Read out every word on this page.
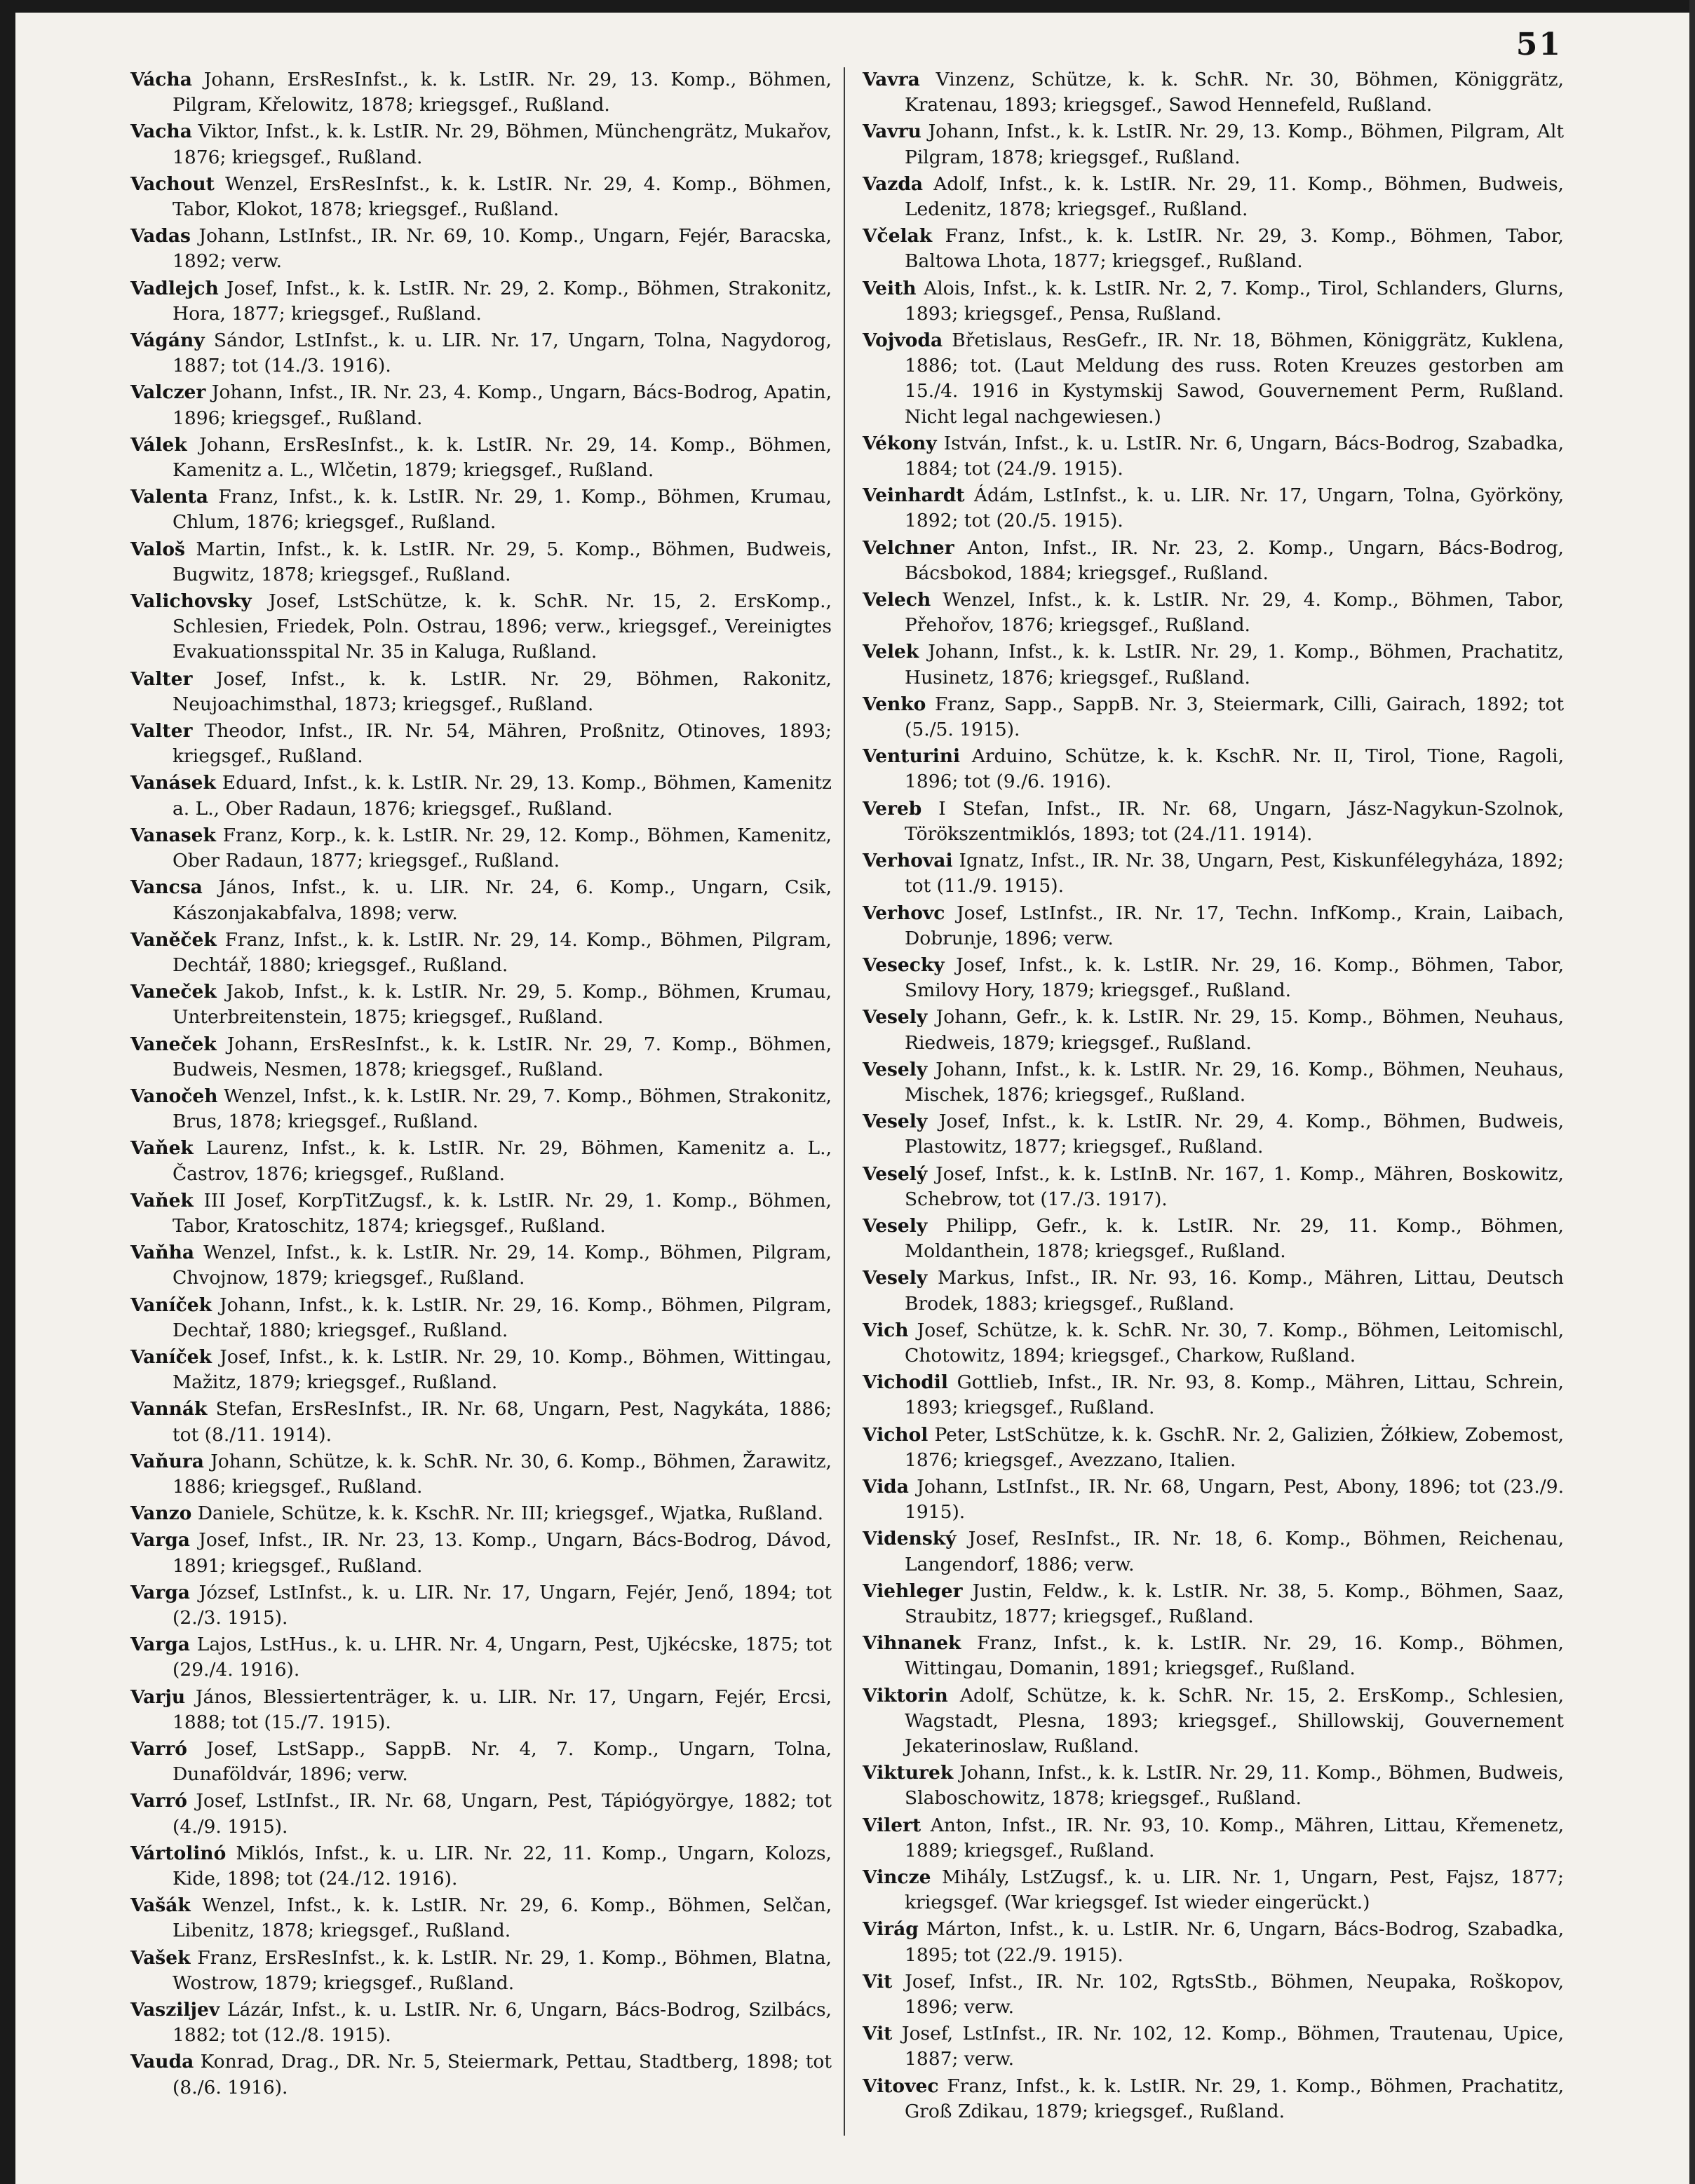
51

Vácha Johann, ErsResInfst., k. k. LstIR. Nr. 29, 13. Komp., Böhmen, Pilgram, Křelowitz, 1878; kriegsgef., Rußland.

Vacha Viktor, Infst., k. k. LstIR. Nr. 29, Böhmen, Münchengrätz, Mukařov, 1876; kriegsgef., Rußland.

Vachout Wenzel, ErsResInfst., k. k. LstIR. Nr. 29, 4. Komp., Böhmen, Tabor, Klokot, 1878; kriegsgef., Rußland.

Vadas Johann, LstInfst., IR. Nr. 69, 10. Komp., Ungarn, Fejér, Baracska, 1892; verw.

Vadlejch Josef, Infst., k. k. LstIR. Nr. 29, 2. Komp., Böhmen, Strakonitz, Hora, 1877; kriegsgef., Rußland.

Vágány Sándor, LstInfst., k. u. LIR. Nr. 17, Ungarn, Tolna, Nagydorog, 1887; tot (14./3. 1916).

Valczer Johann, Infst., IR. Nr. 23, 4. Komp., Ungarn, Bács-Bodrog, Apatin, 1896; kriegsgef., Rußland.

Válek Johann, ErsResInfst., k. k. LstIR. Nr. 29, 14. Komp., Böhmen, Kamenitz a. L., Wlčetin, 1879; kriegsgef., Rußland.

Valenta Franz, Infst., k. k. LstIR. Nr. 29, 1. Komp., Böhmen, Krumau, Chlum, 1876; kriegsgef., Rußland.

Valoš Martin, Infst., k. k. LstIR. Nr. 29, 5. Komp., Böhmen, Budweis, Bugwitz, 1878; kriegsgef., Rußland.

Valichovsky Josef, LstSchütze, k. k. SchR. Nr. 15, 2. ErsKomp., Schlesien, Friedek, Poln. Ostrau, 1896; verw., kriegsgef., Vereinigtes Evakuationsspital Nr. 35 in Kaluga, Rußland.

Valter Josef, Infst., k. k. LstIR. Nr. 29, Böhmen, Rakonitz, Neujoachimsthal, 1873; kriegsgef., Rußland.

Valter Theodor, Infst., IR. Nr. 54, Mähren, Proßnitz, Otinoves, 1893; kriegsgef., Rußland.

Vanásek Eduard, Infst., k. k. LstIR. Nr. 29, 13. Komp., Böhmen, Kamenitz a. L., Ober Radaun, 1876; kriegsgef., Rußland.

Vanasek Franz, Korp., k. k. LstIR. Nr. 29, 12. Komp., Böhmen, Kamenitz, Ober Radaun, 1877; kriegsgef., Rußland.

Vancsa János, Infst., k. u. LIR. Nr. 24, 6. Komp., Ungarn, Csik, Kászonjakabfalva, 1898; verw.

Vaněček Franz, Infst., k. k. LstIR. Nr. 29, 14. Komp., Böhmen, Pilgram, Dechtář, 1880; kriegsgef., Rußland.

Vaneček Jakob, Infst., k. k. LstIR. Nr. 29, 5. Komp., Böhmen, Krumau, Unterbreitenstein, 1875; kriegsgef., Rußland.

Vaneček Johann, ErsResInfst., k. k. LstIR. Nr. 29, 7. Komp., Böhmen, Budweis, Nesmen, 1878; kriegsgef., Rußland.

Vanočeh Wenzel, Infst., k. k. LstIR. Nr. 29, 7. Komp., Böhmen, Strakonitz, Brus, 1878; kriegsgef., Rußland.

Vaňek Laurenz, Infst., k. k. LstIR. Nr. 29, Böhmen, Kamenitz a. L., Častrov, 1876; kriegsgef., Rußland.

Vaňek III Josef, KorpTitZugsf., k. k. LstIR. Nr. 29, 1. Komp., Böhmen, Tabor, Kratoschitz, 1874; kriegsgef., Rußland.

Vaňha Wenzel, Infst., k. k. LstIR. Nr. 29, 14. Komp., Böhmen, Pilgram, Chvojnow, 1879; kriegsgef., Rußland.

Vaníček Johann, Infst., k. k. LstIR. Nr. 29, 16. Komp., Böhmen, Pilgram, Dechtař, 1880; kriegsgef., Rußland.

Vaníček Josef, Infst., k. k. LstIR. Nr. 29, 10. Komp., Böhmen, Wittingau, Mažitz, 1879; kriegsgef., Rußland.

Vannák Stefan, ErsResInfst., IR. Nr. 68, Ungarn, Pest, Nagykáta, 1886; tot (8./11. 1914).

Vaňura Johann, Schütze, k. k. SchR. Nr. 30, 6. Komp., Böhmen, Žarawitz, 1886; kriegsgef., Rußland.

Vanzo Daniele, Schütze, k. k. KschR. Nr. III; kriegsgef., Wjatka, Rußland.

Varga Josef, Infst., IR. Nr. 23, 13. Komp., Ungarn, Bács-Bodrog, Dávod, 1891; kriegsgef., Rußland.

Varga József, LstInfst., k. u. LIR. Nr. 17, Ungarn, Fejér, Jenő, 1894; tot (2./3. 1915).

Varga Lajos, LstHus., k. u. LHR. Nr. 4, Ungarn, Pest, Ujkécske, 1875; tot (29./4. 1916).

Varju János, Blessiertenträger, k. u. LIR. Nr. 17, Ungarn, Fejér, Ercsi, 1888; tot (15./7. 1915).

Varró Josef, LstSapp., SappB. Nr. 4, 7. Komp., Ungarn, Tolna, Dunaföldvár, 1896; verw.

Varró Josef, LstInfst., IR. Nr. 68, Ungarn, Pest, Tápiógyörgye, 1882; tot (4./9. 1915).

Vártolinó Miklós, Infst., k. u. LIR. Nr. 22, 11. Komp., Ungarn, Kolozs, Kide, 1898; tot (24./12. 1916).

Vašák Wenzel, Infst., k. k. LstIR. Nr. 29, 6. Komp., Böhmen, Selčan, Libenitz, 1878; kriegsgef., Rußland.

Vašek Franz, ErsResInfst., k. k. LstIR. Nr. 29, 1. Komp., Böhmen, Blatna, Wostrow, 1879; kriegsgef., Rußland.

Vasziljev Lázár, Infst., k. u. LstIR. Nr. 6, Ungarn, Bács-Bodrog, Szilbács, 1882; tot (12./8. 1915).

Vauda Konrad, Drag., DR. Nr. 5, Steiermark, Pettau, Stadtberg, 1898; tot (8./6. 1916).

Vavra Vinzenz, Schütze, k. k. SchR. Nr. 30, Böhmen, Königgrätz, Kratenau, 1893; kriegsgef., Sawod Hennefeld, Rußland.

Vavru Johann, Infst., k. k. LstIR. Nr. 29, 13. Komp., Böhmen, Pilgram, Alt Pilgram, 1878; kriegsgef., Rußland.

Vazda Adolf, Infst., k. k. LstIR. Nr. 29, 11. Komp., Böhmen, Budweis, Ledenitz, 1878; kriegsgef., Rußland.

Včelak Franz, Infst., k. k. LstIR. Nr. 29, 3. Komp., Böhmen, Tabor, Baltowa Lhota, 1877; kriegsgef., Rußland.

Veith Alois, Infst., k. k. LstIR. Nr. 2, 7. Komp., Tirol, Schlanders, Glurns, 1893; kriegsgef., Pensa, Rußland.

Vojvoda Břetislaus, ResGefr., IR. Nr. 18, Böhmen, Königgrätz, Kuklena, 1886; tot. (Laut Meldung des russ. Roten Kreuzes gestorben am 15./4. 1916 in Kystymskij Sawod, Gouvernement Perm, Rußland. Nicht legal nachgewiesen.)

Vékony István, Infst., k. u. LstIR. Nr. 6, Ungarn, Bács-Bodrog, Szabadka, 1884; tot (24./9. 1915).

Veinhardt Ádám, LstInfst., k. u. LIR. Nr. 17, Ungarn, Tolna, Györköny, 1892; tot (20./5. 1915).

Velchner Anton, Infst., IR. Nr. 23, 2. Komp., Ungarn, Bács-Bodrog, Bácsbokod, 1884; kriegsgef., Rußland.

Velech Wenzel, Infst., k. k. LstIR. Nr. 29, 4. Komp., Böhmen, Tabor, Přehořov, 1876; kriegsgef., Rußland.

Velek Johann, Infst., k. k. LstIR. Nr. 29, 1. Komp., Böhmen, Prachatitz, Husinetz, 1876; kriegsgef., Rußland.

Venko Franz, Sapp., SappB. Nr. 3, Steiermark, Cilli, Gairach, 1892; tot (5./5. 1915).

Venturini Arduino, Schütze, k. k. KschR. Nr. II, Tirol, Tione, Ragoli, 1896; tot (9./6. 1916).

Vereb I Stefan, Infst., IR. Nr. 68, Ungarn, Jász-Nagykun-Szolnok, Törökszentmiklós, 1893; tot (24./11. 1914).

Verhovai Ignatz, Infst., IR. Nr. 38, Ungarn, Pest, Kiskunfélegyháza, 1892; tot (11./9. 1915).

Verhovc Josef, LstInfst., IR. Nr. 17, Techn. InfKomp., Krain, Laibach, Dobrunje, 1896; verw.

Vesecky Josef, Infst., k. k. LstIR. Nr. 29, 16. Komp., Böhmen, Tabor, Smilovy Hory, 1879; kriegsgef., Rußland.

Vesely Johann, Gefr., k. k. LstIR. Nr. 29, 15. Komp., Böhmen, Neuhaus, Riedweis, 1879; kriegsgef., Rußland.

Vesely Johann, Infst., k. k. LstIR. Nr. 29, 16. Komp., Böhmen, Neuhaus, Mischek, 1876; kriegsgef., Rußland.

Vesely Josef, Infst., k. k. LstIR. Nr. 29, 4. Komp., Böhmen, Budweis, Plastowitz, 1877; kriegsgef., Rußland.

Veselý Josef, Infst., k. k. LstInB. Nr. 167, 1. Komp., Mähren, Boskowitz, Schebrow, tot (17./3. 1917).

Vesely Philipp, Gefr., k. k. LstIR. Nr. 29, 11. Komp., Böhmen, Moldanthein, 1878; kriegsgef., Rußland.

Vesely Markus, Infst., IR. Nr. 93, 16. Komp., Mähren, Littau, Deutsch Brodek, 1883; kriegsgef., Rußland.

Vich Josef, Schütze, k. k. SchR. Nr. 30, 7. Komp., Böhmen, Leitomischl, Chotowitz, 1894; kriegsgef., Charkow, Rußland.

Vichodil Gottlieb, Infst., IR. Nr. 93, 8. Komp., Mähren, Littau, Schrein, 1893; kriegsgef., Rußland.

Vichol Peter, LstSchütze, k. k. GschR. Nr. 2, Galizien, Żółkiew, Zobemost, 1876; kriegsgef., Avezzano, Italien.

Vida Johann, LstInfst., IR. Nr. 68, Ungarn, Pest, Abony, 1896; tot (23./9. 1915).

Videnský Josef, ResInfst., IR. Nr. 18, 6. Komp., Böhmen, Reichenau, Langendorf, 1886; verw.

Viehleger Justin, Feldw., k. k. LstIR. Nr. 38, 5. Komp., Böhmen, Saaz, Straubitz, 1877; kriegsgef., Rußland.

Vihnanek Franz, Infst., k. k. LstIR. Nr. 29, 16. Komp., Böhmen, Wittingau, Domanin, 1891; kriegsgef., Rußland.

Viktorin Adolf, Schütze, k. k. SchR. Nr. 15, 2. ErsKomp., Schlesien, Wagstadt, Plesna, 1893; kriegsgef., Shillowskij, Gouvernement Jekaterinoslaw, Rußland.

Vikturek Johann, Infst., k. k. LstIR. Nr. 29, 11. Komp., Böhmen, Budweis, Slaboschowitz, 1878; kriegsgef., Rußland.

Vilert Anton, Infst., IR. Nr. 93, 10. Komp., Mähren, Littau, Křemenetz, 1889; kriegsgef., Rußland.

Vincze Mihály, LstZugsf., k. u. LIR. Nr. 1, Ungarn, Pest, Fajsz, 1877; kriegsgef. (War kriegsgef. Ist wieder eingerückt.)

Virág Márton, Infst., k. u. LstIR. Nr. 6, Ungarn, Bács-Bodrog, Szabadka, 1895; tot (22./9. 1915).

Vit Josef, Infst., IR. Nr. 102, RgtsStb., Böhmen, Neupaka, Roškopov, 1896; verw.

Vit Josef, LstInfst., IR. Nr. 102, 12. Komp., Böhmen, Trautenau, Upice, 1887; verw.

Vitovec Franz, Infst., k. k. LstIR. Nr. 29, 1. Komp., Böhmen, Prachatitz, Groß Zdikau, 1879; kriegsgef., Rußland.
